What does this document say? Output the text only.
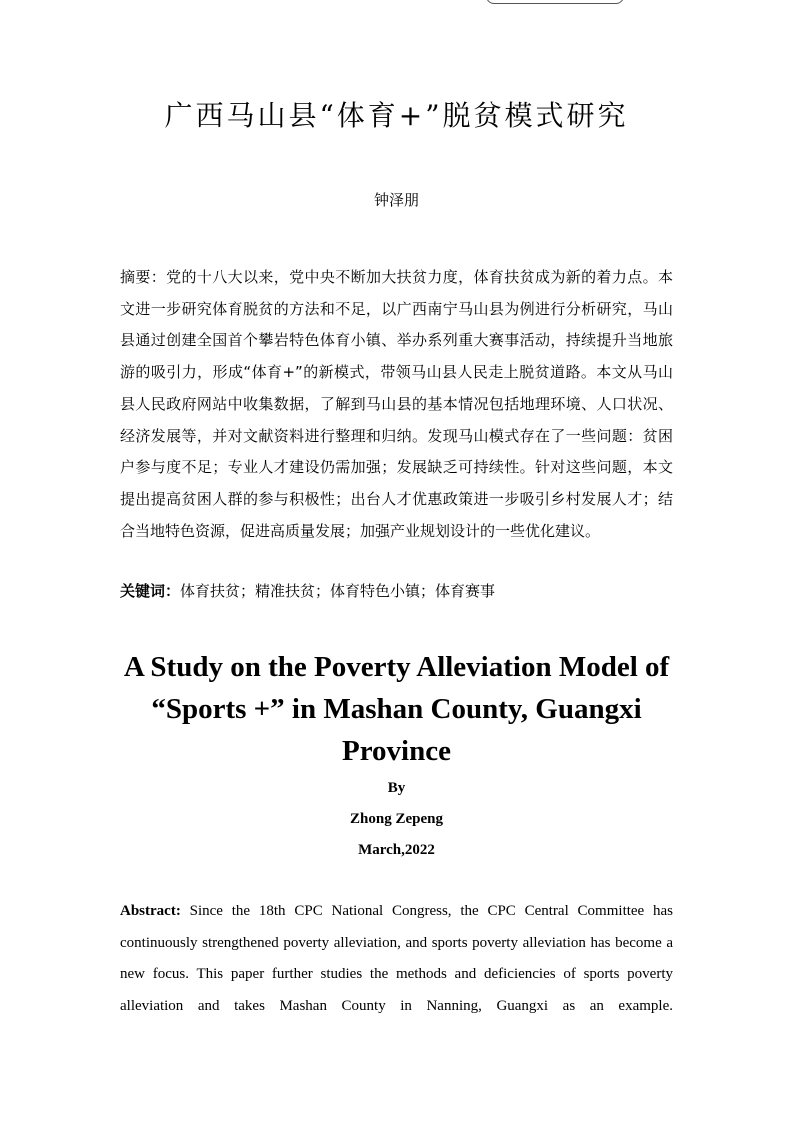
广西马山县“体育+”脱贫模式研究
钟泽朋
摘要：党的十八大以来，党中央不断加大扶贫力度，体育扶贫成为新的着力点。本文进一步研究体育脱贫的方法和不足，以广西南宁马山县为例进行分析研究，马山县通过创建全国首个攀岩特色体育小镇、举办系列重大赛事活动，持续提升当地旅游的吸引力，形成“体育+”的新模式，带领马山县人民走上脱贫道路。本文从马山县人民政府网站中收集数据，了解到马山县的基本情况包括地理环境、人口状况、经济发展等，并对文献资料进行整理和归纳。发现马山模式存在了一些问题：贫困户参与度不足；专业人才建设仍需加强；发展缺乏可持续性。针对这些问题，本文提出提高贫困人群的参与积极性；出台人才优惠政策进一步吸引乡村发展人才；结合当地特色资源，促进高质量发展；加强产业规划设计的一些优化建议。
关键词：体育扶贫；精准扶贫；体育特色小镇；体育赛事
A Study on the Poverty Alleviation Model of “Sports +” in Mashan County, Guangxi Province
By
Zhong Zepeng
March,2022
Abstract: Since the 18th CPC National Congress, the CPC Central Committee has continuously strengthened poverty alleviation, and sports poverty alleviation has become a new focus. This paper further studies the methods and deficiencies of sports poverty alleviation and takes Mashan County in Nanning, Guangxi as an example.
